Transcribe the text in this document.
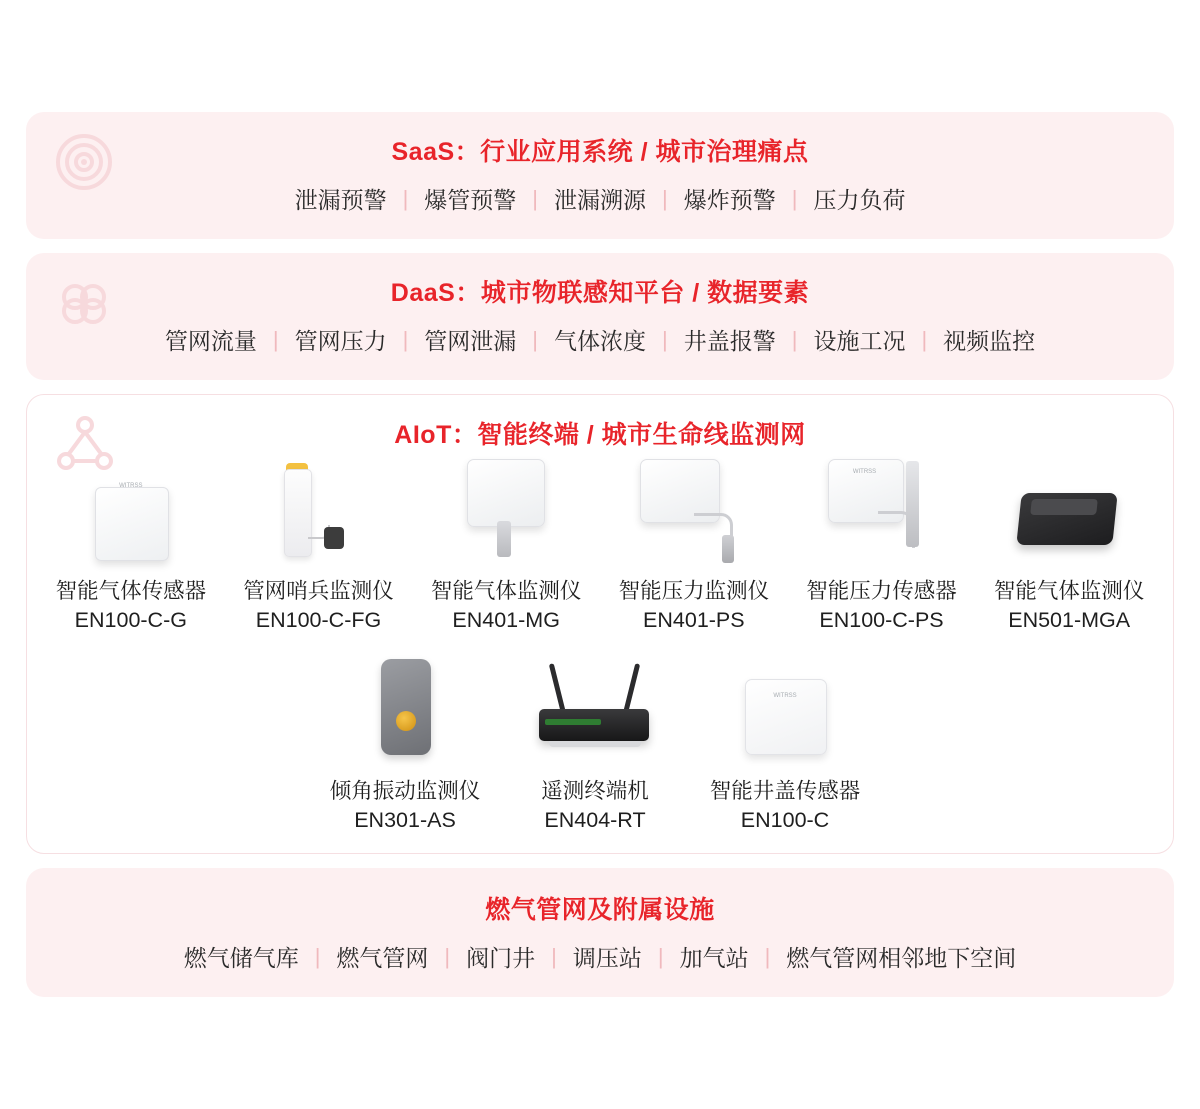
SaaS：行业应用系统 / 城市治理痛点
泄漏预警 | 爆管预警 | 泄漏溯源 | 爆炸预警 | 压力负荷
DaaS：城市物联感知平台 / 数据要素
管网流量 | 管网压力 | 管网泄漏 | 气体浓度 | 井盖报警 | 设施工况 | 视频监控
AIoT：智能终端 / 城市生命线监测网
WITRSS
智能气体传感器
EN100-C-G
管网哨兵监测仪
EN100-C-FG
智能气体监测仪
EN401-MG
智能压力监测仪
EN401-PS
WITRSS
智能压力传感器
EN100-C-PS
智能气体监测仪
EN501-MGA
倾角振动监测仪
EN301-AS
遥测终端机
EN404-RT
WITRSS
智能井盖传感器
EN100-C
燃气管网及附属设施
燃气储气库 | 燃气管网 | 阀门井 | 调压站 | 加气站 | 燃气管网相邻地下空间
